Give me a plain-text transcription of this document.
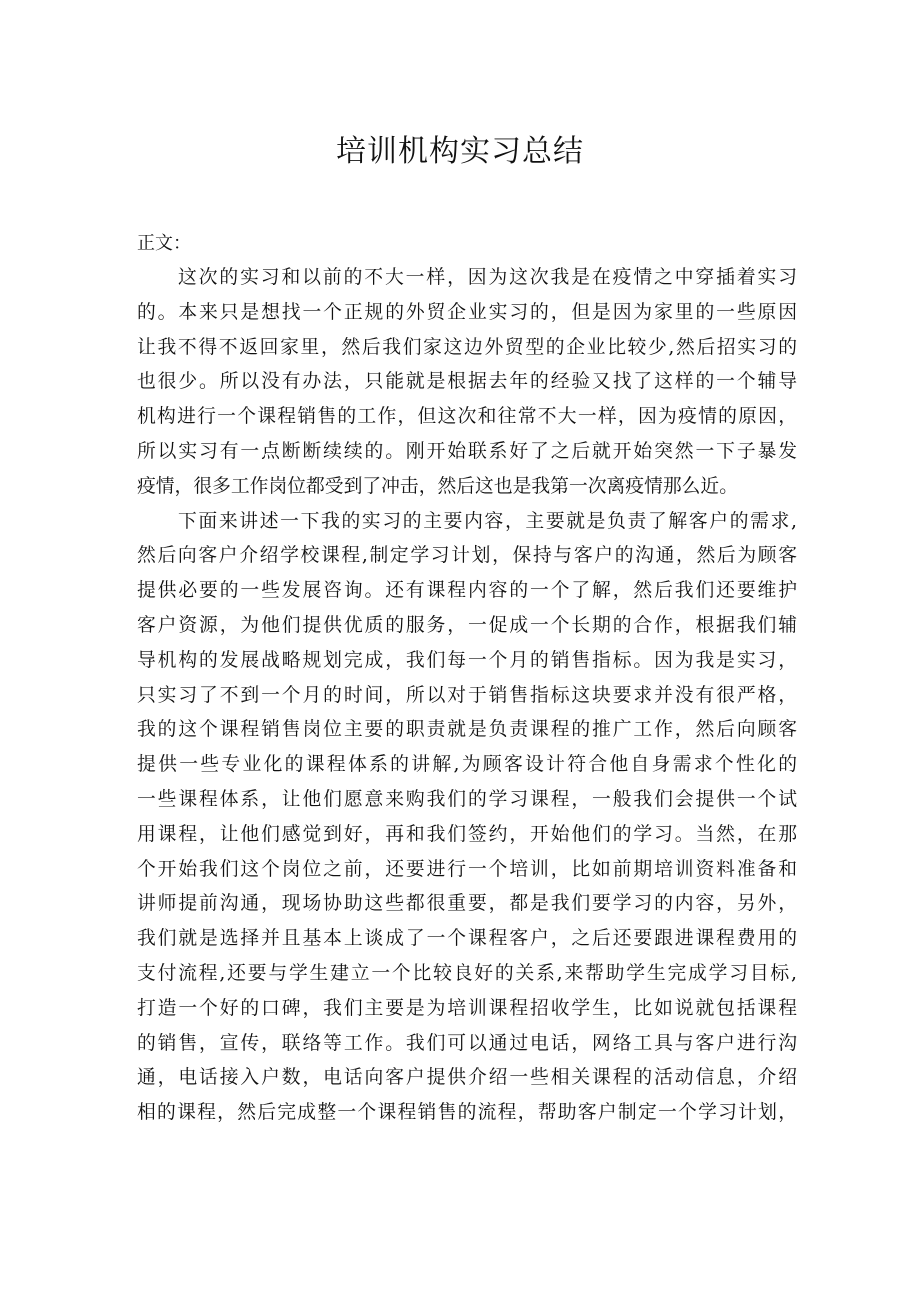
培训机构实习总结

正文：

这次的实习和以前的不大一样，因为这次我是在疫情之中穿插着实习
的。本来只是想找一个正规的外贸企业实习的，但是因为家里的一些原因
让我不得不返回家里，然后我们家这边外贸型的企业比较少,然后招实习的
也很少。所以没有办法，只能就是根据去年的经验又找了这样的一个辅导
机构进行一个课程销售的工作，但这次和往常不大一样，因为疫情的原因，
所以实习有一点断断续续的。刚开始联系好了之后就开始突然一下子暴发
疫情，很多工作岗位都受到了冲击，然后这也是我第一次离疫情那么近。
下面来讲述一下我的实习的主要内容，主要就是负责了解客户的需求,
然后向客户介绍学校课程,制定学习计划，保持与客户的沟通，然后为顾客
提供必要的一些发展咨询。还有课程内容的一个了解，然后我们还要维护
客户资源，为他们提供优质的服务，一促成一个长期的合作，根据我们辅
导机构的发展战略规划完成，我们每一个月的销售指标。因为我是实习，
只实习了不到一个月的时间，所以对于销售指标这块要求并没有很严格，
我的这个课程销售岗位主要的职责就是负责课程的推广工作，然后向顾客
提供一些专业化的课程体系的讲解,为顾客设计符合他自身需求个性化的
一些课程体系，让他们愿意来购我们的学习课程，一般我们会提供一个试
用课程，让他们感觉到好，再和我们签约，开始他们的学习。当然，在那
个开始我们这个岗位之前，还要进行一个培训，比如前期培训资料准备和
讲师提前沟通，现场协助这些都很重要，都是我们要学习的内容，另外，
我们就是选择并且基本上谈成了一个课程客户，之后还要跟进课程费用的
支付流程,还要与学生建立一个比较良好的关系,来帮助学生完成学习目标,
打造一个好的口碑，我们主要是为培训课程招收学生，比如说就包括课程
的销售，宣传，联络等工作。我们可以通过电话，网络工具与客户进行沟
通，电话接入户数，电话向客户提供介绍一些相关课程的活动信息，介绍
相的课程，然后完成整一个课程销售的流程，帮助客户制定一个学习计划，
